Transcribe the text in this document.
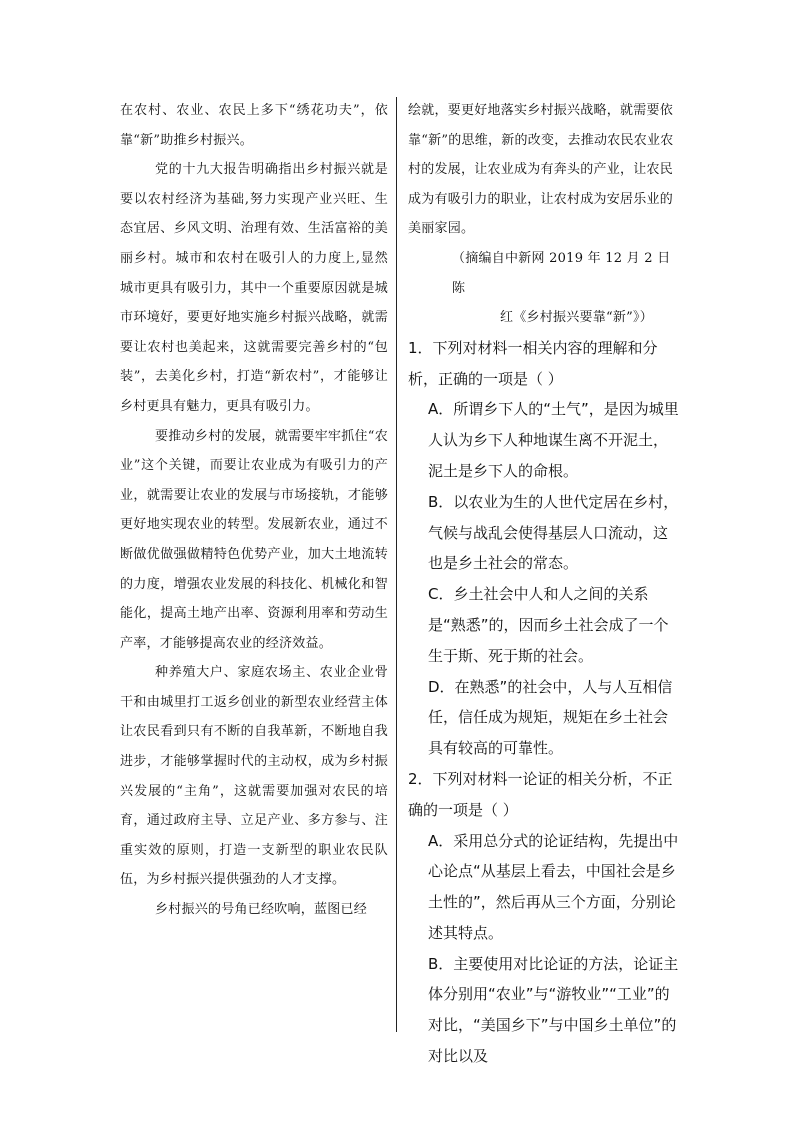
在农村、农业、农民上多下“绣花功夫”，依靠“新”助推乡村振兴。

党的十九大报告明确指出乡村振兴就是要以农村经济为基础,努力实现产业兴旺、生态宜居、乡风文明、治理有效、生活富裕的美丽乡村。城市和农村在吸引人的力度上,显然城市更具有吸引力，其中一个重要原因就是城市环境好，要更好地实施乡村振兴战略，就需要让农村也美起来，这就需要完善乡村的“包装”，去美化乡村，打造“新农村”，才能够让乡村更具有魅力，更具有吸引力。

要推动乡村的发展，就需要牢牢抓住“农业”这个关键，而要让农业成为有吸引力的产业，就需要让农业的发展与市场接轨，才能够更好地实现农业的转型。发展新农业，通过不断做优做强做精特色优势产业，加大土地流转的力度，增强农业发展的科技化、机械化和智能化，提高土地产出率、资源利用率和劳动生产率，才能够提高农业的经济效益。

种养殖大户、家庭农场主、农业企业骨干和由城里打工返乡创业的新型农业经营主体让农民看到只有不断的自我革新，不断地自我进步，才能够掌握时代的主动权，成为乡村振兴发展的“主角”，这就需要加强对农民的培育，通过政府主导、立足产业、多方参与、注重实效的原则，打造一支新型的职业农民队伍，为乡村振兴提供强劲的人才支撑。

乡村振兴的号角已经吹响，蓝图已经

绘就，要更好地落实乡村振兴战略，就需要依靠“新”的思维，新的改变，去推动农民农业农村的发展，让农业成为有奔头的产业，让农民成为有吸引力的职业，让农村成为安居乐业的美丽家园。

（摘编自中新网 2019 年 12 月 2 日陈

红《乡村振兴要靠“新”》）

1．下列对材料一相关内容的理解和分析，正确的一项是（ ）

A．所谓乡下人的“土气”，是因为城里人认为乡下人种地谋生离不开泥土，泥土是乡下人的命根。

B．以农业为生的人世代定居在乡村，气候与战乱会使得基层人口流动，这也是乡土社会的常态。

C．乡土社会中人和人之间的关系是“熟悉”的，因而乡土社会成了一个生于斯、死于斯的社会。

D．在熟悉”的社会中，人与人互相信任，信任成为规矩，规矩在乡土社会具有较高的可靠性。

2．下列对材料一论证的相关分析，不正确的一项是（ ）

A．采用总分式的论证结构，先提出中心论点“从基层上看去，中国社会是乡土性的”，然后再从三个方面，分别论述其特点。

B．主要使用对比论证的方法，论证主体分别用“农业”与“游牧业”“工业”的对比，“美国乡下”与中国乡土单位”的对比以及
